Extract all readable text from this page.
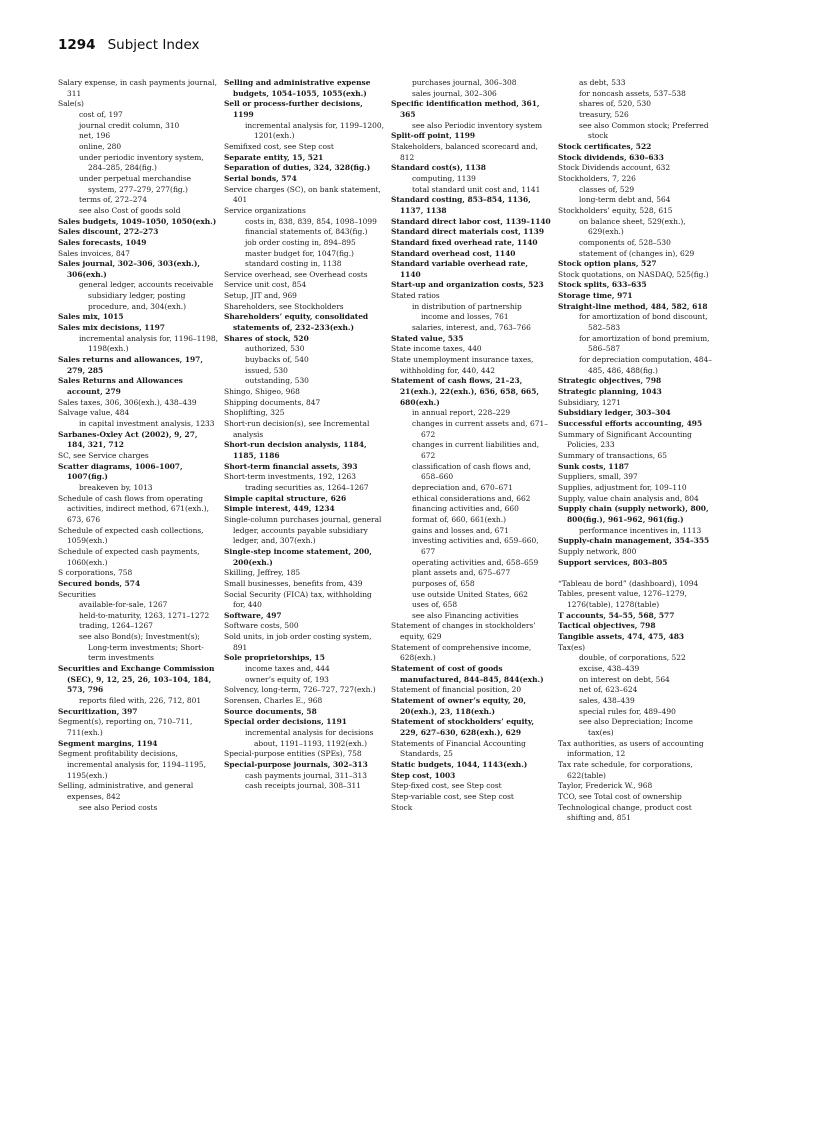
1294 Subject Index
Salary expense, in cash payments journal, 311
Sale(s)
cost of, 197
journal credit column, 310
net, 196
online, 280
under periodic inventory system, 284–285, 284(fig.)
under perpetual merchandise system, 277–279, 277(fig.)
terms of, 272–274
see also Cost of goods sold
Sales budgets, 1049–1050, 1050(exh.)
Sales discount, 272–273
Sales forecasts, 1049
Sales invoices, 847
Sales journal, 302–306, 303(exh.), 306(exh.)
general ledger, accounts receivable subsidiary ledger, posting procedure, and, 304(exh.)
Sales mix, 1015
Sales mix decisions, 1197
incremental analysis for, 1196–1198, 1198(exh.)
Sales returns and allowances, 197, 279, 285
Sales Returns and Allowances account, 279
Sales taxes, 306, 306(exh.), 438–439
Salvage value, 484
in capital investment analysis, 1233
Sarbanes-Oxley Act (2002), 9, 27, 184, 321, 712
SC, see Service charges
Scatter diagrams, 1006–1007, 1007(fig.)
breakeven by, 1013
Schedule of cash flows from operating activities, indirect method, 671(exh.), 673, 676
Schedule of expected cash collections, 1059(exh.)
Schedule of expected cash payments, 1060(exh.)
S corporations, 758
Secured bonds, 574
Securities
available-for-sale, 1267
held-to-maturity, 1263, 1271–1272
trading, 1264–1267
see also Bond(s); Investment(s); Long-term investments; Short-term investments
Securities and Exchange Commission (SEC), 9, 12, 25, 26, 103–104, 184, 573, 796
reports filed with, 226, 712, 801
Securitization, 397
Segment(s), reporting on, 710–711, 711(exh.)
Segment margins, 1194
Segment profitability decisions, incremental analysis for, 1194–1195, 1195(exh.)
Selling, administrative, and general expenses, 842
see also Period costs
Selling and administrative expense budgets, 1054–1055, 1055(exh.)
Sell or process-further decisions, 1199
incremental analysis for, 1199–1200, 1201(exh.)
Semifixed cost, see Step cost
Separate entity, 15, 521
Separation of duties, 324, 328(fig.)
Serial bonds, 574
Service charges (SC), on bank statement, 401
Service organizations
costs in, 838, 839, 854, 1098–1099
financial statements of, 843(fig.)
job order costing in, 894–895
master budget for, 1047(fig.)
standard costing in, 1138
Service overhead, see Overhead costs
Service unit cost, 854
Setup, JIT and, 969
Shareholders, see Stockholders
Shareholders’ equity, consolidated statements of, 232–233(exh.)
Shares of stock, 520
authorized, 530
buybacks of, 540
issued, 530
outstanding, 530
Shingo, Shigeo, 968
Shipping documents, 847
Shoplifting, 325
Short-run decision(s), see Incremental analysis
Short-run decision analysis, 1184, 1185, 1186
Short-term financial assets, 393
Short-term investments, 192, 1263
trading securities as, 1264–1267
Simple capital structure, 626
Simple interest, 449, 1234
Single-column purchases journal, general ledger, accounts payable subsidiary ledger, and, 307(exh.)
Single-step income statement, 200, 200(exh.)
Skilling, Jeffrey, 185
Small businesses, benefits from, 439
Social Security (FICA) tax, withholding for, 440
Software, 497
Software costs, 500
Sold units, in job order costing system, 891
Sole proprietorships, 15
income taxes and, 444
owner’s equity of, 193
Solvency, long-term, 726–727, 727(exh.)
Sorensen, Charles E., 968
Source documents, 58
Special order decisions, 1191
incremental analysis for decisions about, 1191–1193, 1192(exh.)
Special-purpose entities (SPEs), 758
Special-purpose journals, 302–313
cash payments journal, 311–313
cash receipts journal, 308–311
purchases journal, 306–308
sales journal, 302–306
Specific identification method, 361, 365
see also Periodic inventory system
Split-off point, 1199
Stakeholders, balanced scorecard and, 812
Standard cost(s), 1138
computing, 1139
total standard unit cost and, 1141
Standard costing, 853–854, 1136, 1137, 1138
Standard direct labor cost, 1139–1140
Standard direct materials cost, 1139
Standard fixed overhead rate, 1140
Standard overhead cost, 1140
Standard variable overhead rate, 1140
Start-up and organization costs, 523
Stated ratios
in distribution of partnership income and losses, 761
salaries, interest, and, 763–766
Stated value, 535
State income taxes, 440
State unemployment insurance taxes, withholding for, 440, 442
Statement of cash flows, 21–23, 21(exh.), 22(exh.), 656, 658, 665, 680(exh.)
in annual report, 228–229
changes in current assets and, 671–672
changes in current liabilities and, 672
classification of cash flows and, 658–660
depreciation and, 670–671
ethical considerations and, 662
financing activities and, 660
format of, 660, 661(exh.)
gains and losses and, 671
investing activities and, 659–660, 677
operating activities and, 658–659
plant assets and, 675–677
purposes of, 658
use outside United States, 662
uses of, 658
see also Financing activities
Statement of changes in stockholders’ equity, 629
Statement of comprehensive income, 628(exh.)
Statement of cost of goods manufactured, 844–845, 844(exh.)
Statement of financial position, 20
Statement of owner’s equity, 20, 20(exh.), 23, 118(exh.)
Statement of stockholders’ equity, 229, 627–630, 628(exh.), 629
Statements of Financial Accounting Standards, 25
Static budgets, 1044, 1143(exh.)
Step cost, 1003
Step-fixed cost, see Step cost
Step-variable cost, see Step cost
Stock
as debt, 533
for noncash assets, 537–538
shares of, 520, 530
treasury, 526
see also Common stock; Preferred stock
Stock certificates, 522
Stock dividends, 630–633
Stock Dividends account, 632
Stockholders, 7, 226
classes of, 529
long-term debt and, 564
Stockholders’ equity, 528, 615
on balance sheet, 529(exh.), 629(exh.)
components of, 528–530
statement of (changes in), 629
Stock option plans, 527
Stock quotations, on NASDAQ, 525(fig.)
Stock splits, 633–635
Storage time, 971
Straight-line method, 484, 582, 618
for amortization of bond discount, 582–583
for amortization of bond premium, 586–587
for depreciation computation, 484–485, 486, 488(fig.)
Strategic objectives, 798
Strategic planning, 1043
Subsidiary, 1271
Subsidiary ledger, 303–304
Successful efforts accounting, 495
Summary of Significant Accounting Policies, 233
Summary of transactions, 65
Sunk costs, 1187
Suppliers, small, 397
Supplies, adjustment for, 109–110
Supply, value chain analysis and, 804
Supply chain (supply network), 800, 800(fig.), 961–962, 961(fig.)
performance incentives in, 1113
Supply-chain management, 354–355
Supply network, 800
Support services, 803–805
“Tableau de bord” (dashboard), 1094
Tables, present value, 1276–1279, 1276(table), 1278(table)
T accounts, 54–55, 568, 577
Tactical objectives, 798
Tangible assets, 474, 475, 483
Tax(es)
double, of corporations, 522
excise, 438–439
on interest on debt, 564
net of, 623–624
sales, 438–439
special rules for, 489–490
see also Depreciation; Income tax(es)
Tax authorities, as users of accounting information, 12
Tax rate schedule, for corporations, 622(table)
Taylor, Frederick W., 968
TCO, see Total cost of ownership
Technological change, product cost shifting and, 851
